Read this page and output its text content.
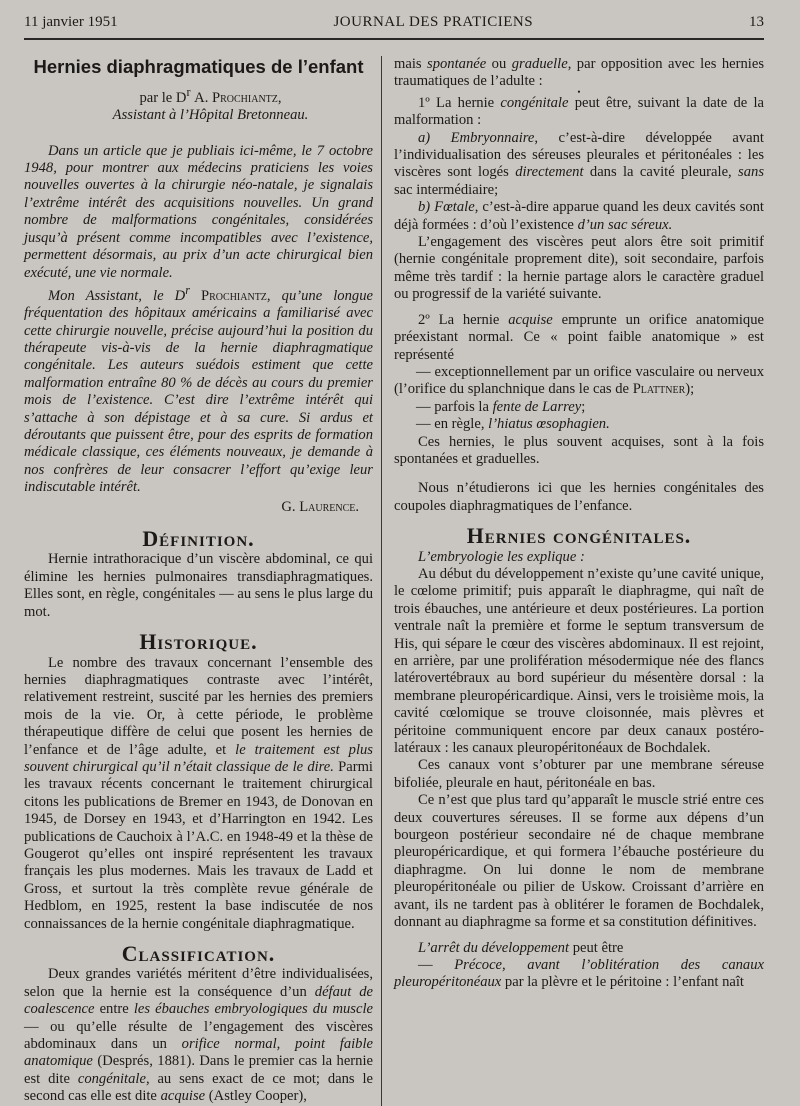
11 janvier 1951	JOURNAL DES PRATICIENS	13
Hernies diaphragmatiques de l’enfant

par le $D^r$ A. Prochiantz,

Assistant à l’Hôpital Bretonneau.

Dans un article que je publiais ici-même, le 7 octobre 1948, pour montrer aux médecins praticiens les voies nouvelles ouvertes à la chirurgie néo-natale, je signalais l’extrême intérêt des acquisitions nouvelles. Un grand nombre de malformations congénitales, considérées jusqu’à présent comme incompatibles avec l’existence, permettent désormais, au prix d’un acte chirurgical bien exécuté, une vie normale.

Mon Assistant, le $D^r$ Prochiantz, qu’une longue fréquentation des hôpitaux américains a familiarisé avec cette chirurgie nouvelle, précise aujourd’hui la position du thérapeute vis-à-vis de la hernie diaphragmatique congénitale. Les auteurs suédois estiment que cette malformation entraîne 80 % de décès au cours du premier mois de l’existence. C’est dire l’extrême intérêt qui s’attache à son dépistage et à sa cure. Si ardus et déroutants que puissent être, pour des esprits de formation médicale classique, ces éléments nouveaux, je demande à nos confrères de leur consacrer l’effort qu’exige leur indiscutable intérêt.

G. Laurence.

Définition.

Hernie intrathoracique d’un viscère abdominal, ce qui élimine les hernies pulmonaires transdiaphragmatiques. Elles sont, en règle, congénitales — au sens le plus large du mot.

Historique.

Le nombre des travaux concernant l’ensemble des hernies diaphragmatiques contraste avec l’intérêt, relativement restreint, suscité par les hernies des premiers mois de la vie. Or, à cette période, le problème thérapeutique diffère de celui que posent les hernies de l’enfance et de l’âge adulte, et le traitement est plus souvent chirurgical qu’il n’était classique de le dire. Parmi les travaux récents concernant le traitement chirurgical citons les publications de Bremer en 1943, de Donovan en 1945, de Dorsey en 1943, et d’Harrington en 1942. Les publications de Cauchoix à l’A.C. en 1948-49 et la thèse de Gougerot qu’elles ont inspiré représentent les travaux français les plus modernes. Mais les travaux de Ladd et Gross, et surtout la très complète revue générale de Hedblom, en 1925, restent la base indiscutée de nos connaissances de la hernie congénitale diaphragmatique.

Classification.

Deux grandes variétés méritent d’être individualisées, selon que la hernie est la conséquence d’un défaut de coalescence entre les ébauches embryologiques du muscle — ou qu’elle résulte de l’engagement des viscères abdominaux dans un orifice normal, point faible anatomique (Després, 1881). Dans le premier cas la hernie est dite congénitale, au sens exact de ce mot; dans le second cas elle est dite acquise (Astley Cooper),

mais spontanée ou graduelle, par opposition avec les hernies traumatiques de l’adulte :

•

1º La hernie congénitale peut être, suivant la date de la malformation :

a) Embryonnaire, c’est-à-dire développée avant l’individualisation des séreuses pleurales et péritonéales : les viscères sont logés directement dans la cavité pleurale, sans sac intermédiaire;

b) Fœtale, c’est-à-dire apparue quand les deux cavités sont déjà formées : d’où l’existence d’un sac séreux.

L’engagement des viscères peut alors être soit primitif (hernie congénitale proprement dite), soit secondaire, parfois même très tardif : la hernie partage alors le caractère graduel ou progressif de la variété suivante.

2º La hernie acquise emprunte un orifice anatomique préexistant normal. Ce « point faible anatomique » est représenté

— exceptionnellement par un orifice vasculaire ou nerveux (l’orifice du splanchnique dans le cas de Plattner);

— parfois la fente de Larrey;

— en règle, l’hiatus œsophagien.

Ces hernies, le plus souvent acquises, sont à la fois spontanées et graduelles.

Nous n’étudierons ici que les hernies congénitales des coupoles diaphragmatiques de l’enfance.

Hernies congénitales.

L’embryologie les explique :

Au début du développement n’existe qu’une cavité unique, le cœlome primitif; puis apparaît le diaphragme, qui naît de trois ébauches, une antérieure et deux postérieures. La portion ventrale naît la première et forme le septum transversum de His, qui sépare le cœur des viscères abdominaux. Il est rejoint, en arrière, par une prolifération mésodermique née des flancs latérovertébraux au bord supérieur du mésentère dorsal : la membrane pleuropéricardique. Ainsi, vers le troisième mois, la cavité cœlomique se trouve cloisonnée, mais plèvres et péritoine communiquent encore par deux canaux postéro-latéraux : les canaux pleuropéritonéaux de Bochdalek.

Ces canaux vont s’obturer par une membrane séreuse bifoliée, pleurale en haut, péritonéale en bas.

Ce n’est que plus tard qu’apparaît le muscle strié entre ces deux couvertures séreuses. Il se forme aux dépens d’un bourgeon postérieur secondaire né de chaque membrane pleuropéricardique, et qui formera l’ébauche postérieure du diaphragme. On lui donne le nom de membrane pleuropéritonéale ou pilier de Uskow. Croissant d’arrière en avant, ils ne tardent pas à oblitérer le foramen de Bochdalek, donnant au diaphragme sa forme et sa constitution définitives.

L’arrêt du développement peut être

— Précoce, avant l’oblitération des canaux pleuropéritonéaux par la plèvre et le péritoine : l’enfant naît
